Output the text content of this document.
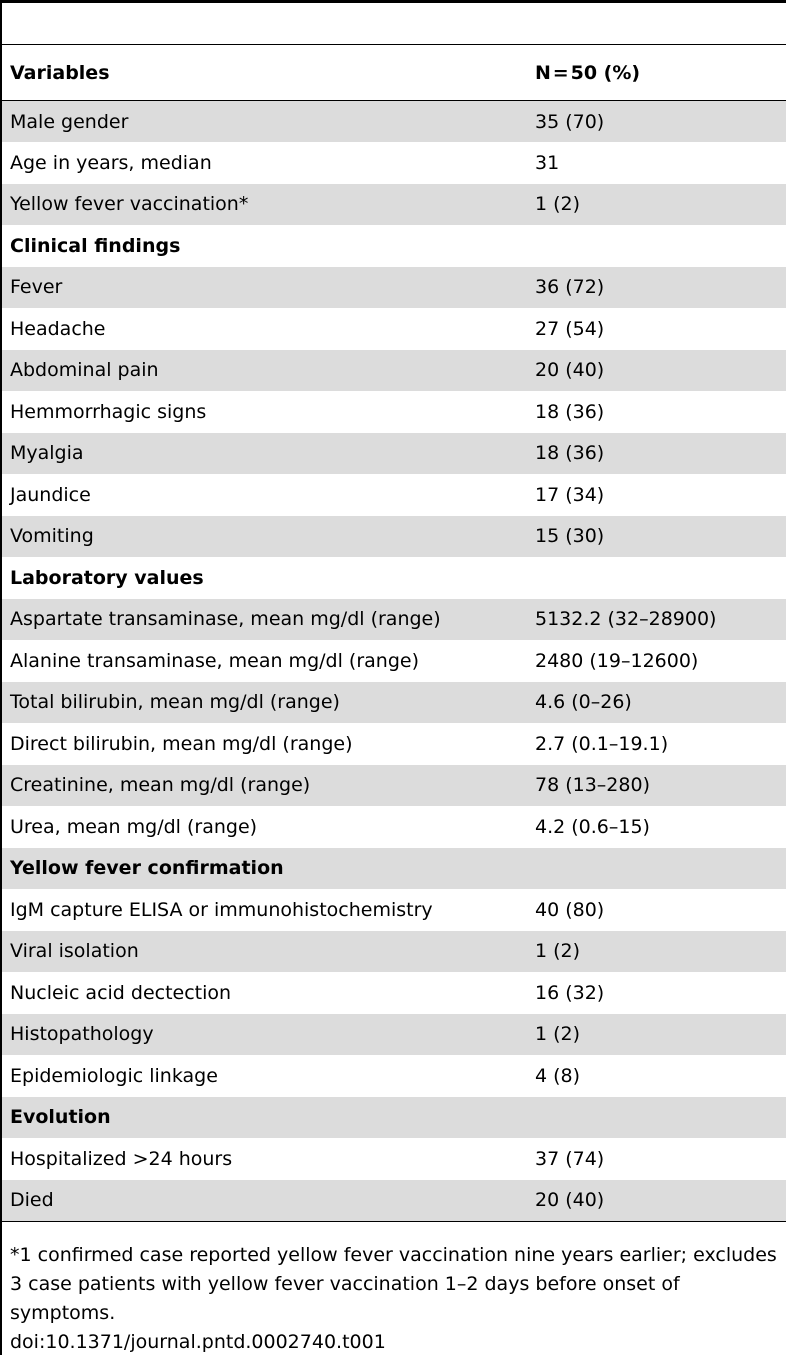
Variables	N = 50 (%)
Male gender	35 (70)
Age in years, median	31
Yellow fever vaccination*	1 (2)
Clinical findings	
Fever	36 (72)
Headache	27 (54)
Abdominal pain	20 (40)
Hemmorrhagic signs	18 (36)
Myalgia	18 (36)
Jaundice	17 (34)
Vomiting	15 (30)
Laboratory values	
Aspartate transaminase, mean mg/dl (range)	5132.2 (32–28900)
Alanine transaminase, mean mg/dl (range)	2480 (19–12600)
Total bilirubin, mean mg/dl (range)	4.6 (0–26)
Direct bilirubin, mean mg/dl (range)	2.7 (0.1–19.1)
Creatinine, mean mg/dl (range)	78 (13–280)
Urea, mean mg/dl (range)	4.2 (0.6–15)
Yellow fever confirmation	
IgM capture ELISA or immunohistochemistry	40 (80)
Viral isolation	1 (2)
Nucleic acid dectection	16 (32)
Histopathology	1 (2)
Epidemiologic linkage	4 (8)
Evolution	
Hospitalized >24 hours	37 (74)
Died	20 (40)

*1 confirmed case reported yellow fever vaccination nine years earlier; excludes 3 case patients with yellow fever vaccination 1–2 days before onset of symptoms.

doi:10.1371/journal.pntd.0002740.t001
